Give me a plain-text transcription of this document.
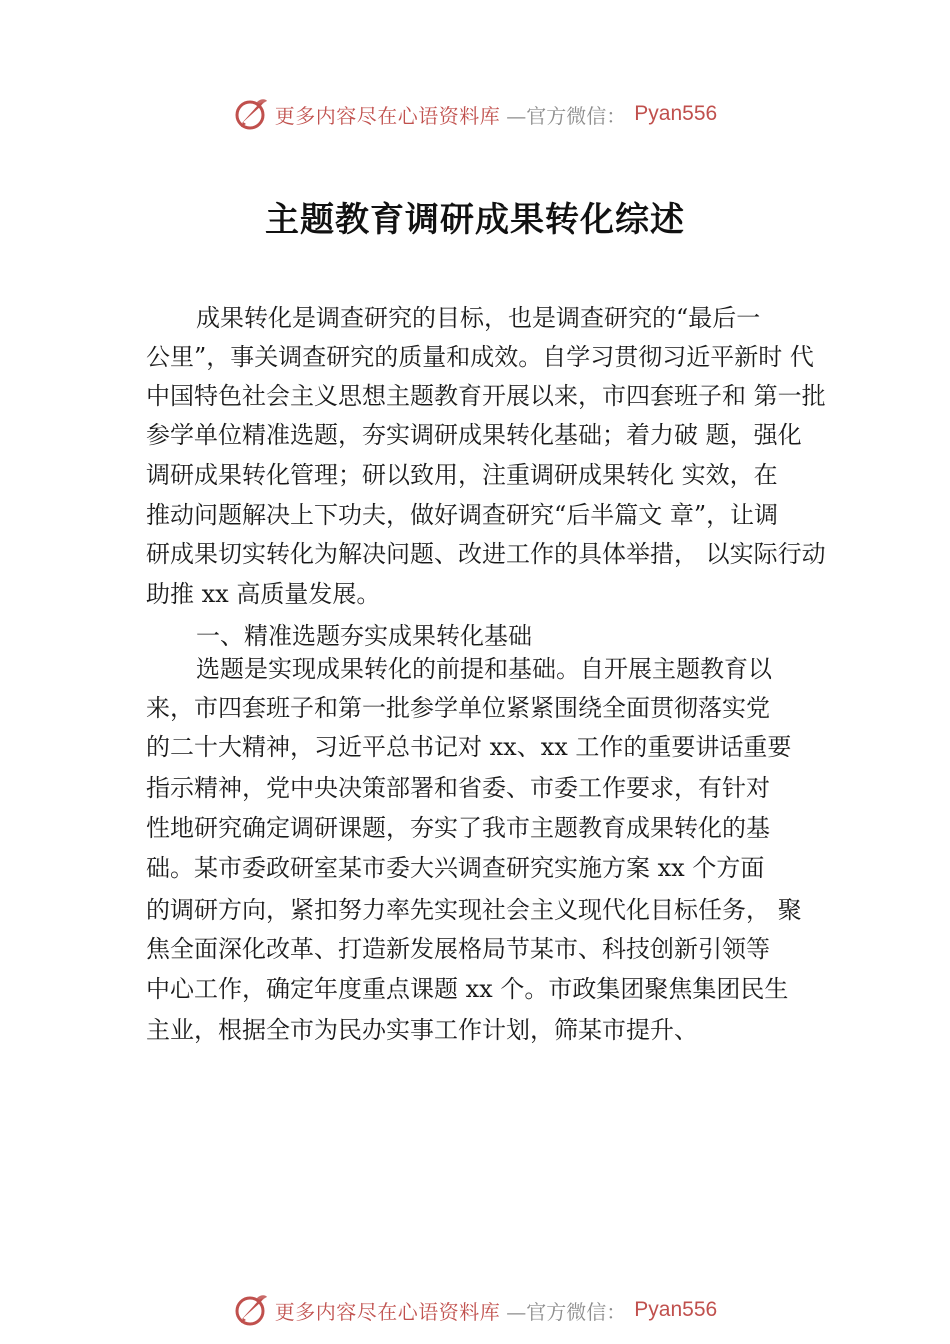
更多内容尽在心语资料库 —官方微信： Pyan556
主题教育调研成果转化综述
成果转化是调查研究的目标，也是调查研究的“最后一
公里”，事关调查研究的质量和成效。自学习贯彻习近平新时 代
中国特色社会主义思想主题教育开展以来，市四套班子和 第一批
参学单位精准选题，夯实调研成果转化基础；着力破 题，强化
调研成果转化管理；研以致用，注重调研成果转化 实效，在
推动问题解决上下功夫，做好调查研究“后半篇文 章”，让调
研成果切实转化为解决问题、改进工作的具体举措， 以实际行动
助推 xx 高质量发展。
一、精准选题夯实成果转化基础
选题是实现成果转化的前提和基础。自开展主题教育以
来，市四套班子和第一批参学单位紧紧围绕全面贯彻落实党
的二十大精神，习近平总书记对 xx、xx 工作的重要讲话重要
指示精神，党中央决策部署和省委、市委工作要求，有针对
性地研究确定调研课题，夯实了我市主题教育成果转化的基
础。某市委政研室某市委大兴调查研究实施方案 xx 个方面
的调研方向，紧扣努力率先实现社会主义现代化目标任务， 聚
焦全面深化改革、打造新发展格局节某市、科技创新引领等
中心工作，确定年度重点课题 xx 个。市政集团聚焦集团民生
主业，根据全市为民办实事工作计划，筛某市提升、
更多内容尽在心语资料库 —官方微信： Pyan556
